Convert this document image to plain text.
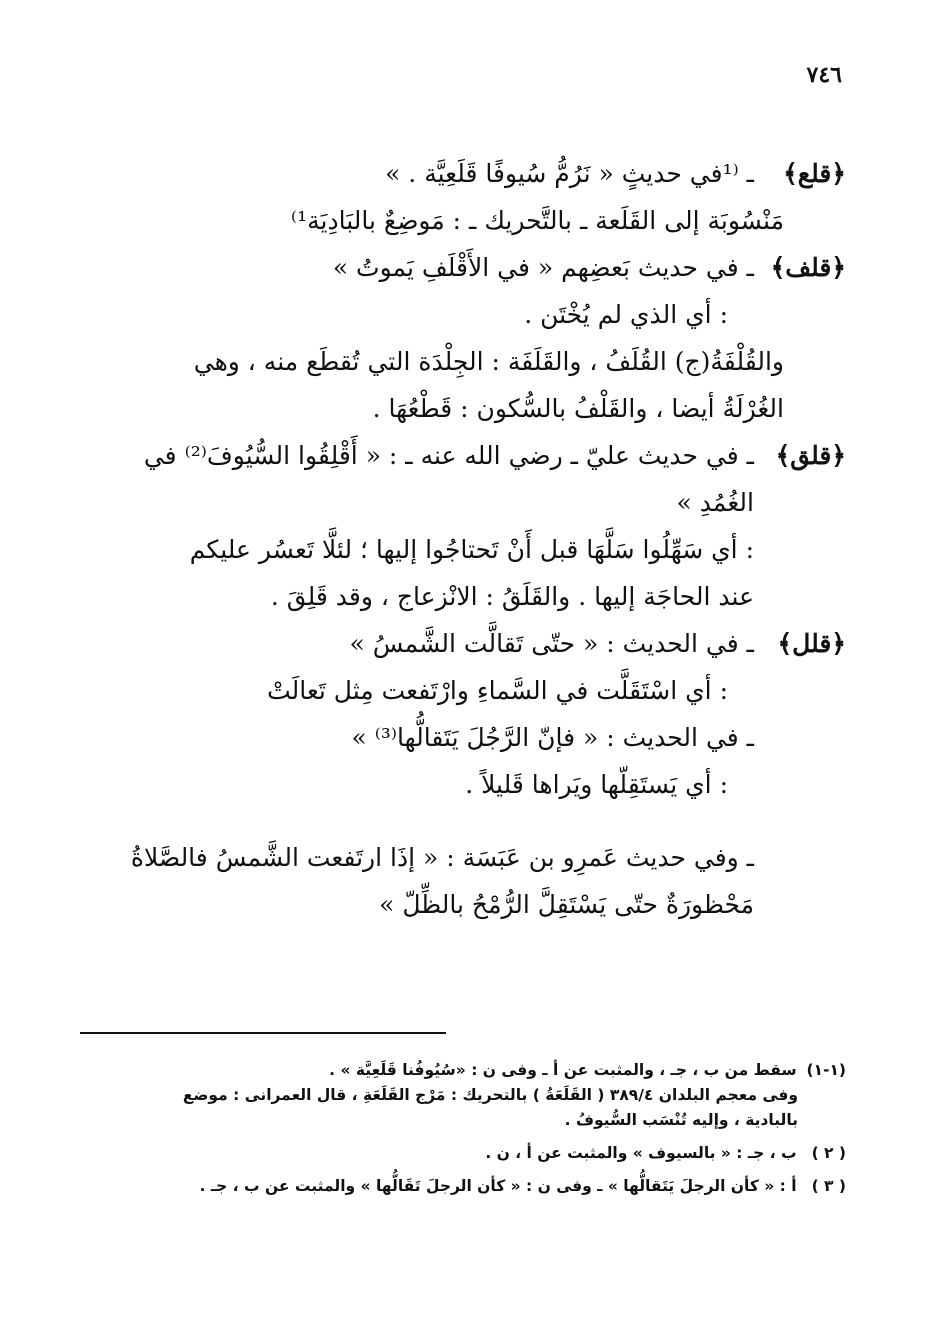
٧٤٦
﴿قلع﴾
ـ ⁽¹في حديثٍ « نَرُمُّ سُيوفًا قَلَعِيَّة . »
مَنْسُوبَة إلى القَلَعة ـ بالتَّحريك ـ : مَوضِعٌ بالبَادِيَة¹⁾
﴿قلف﴾
ـ في حديث بَعضِهم « في الأَقْلَفِ يَموتُ »
: أي الذي لم يُخْتَن .
والقُلْفَةُ(ج) القُلَفُ ، والقَلَفَة : الجِلْدَة التي تُقطَع منه ، وهي
الغُرْلَةُ أيضا ، والقَلْفُ بالسُّكون : قَطْعُهَا .
﴿قلق﴾
ـ في حديث عليّ ـ رضي الله عنه ـ : « أَقْلِقُوا السُّيُوفَ⁽²⁾ في
الغُمُدِ »
: أي سَهِّلُوا سَلَّهَا قبل أَنْ تَحتاجُوا إليها ؛ لئلَّا تَعسُر عليكم
عند الحاجَة إليها . والقَلَقُ : الانْزعاج ، وقد قَلِقَ .
﴿قلل﴾
ـ في الحديث : « حتّى تَقالَّت الشَّمسُ »
: أي اسْتَقَلَّت في السَّماءِ وارْتَفعت مِثل تَعالَتْ
ـ في الحديث : « فإنّ الرَّجُلَ يَتَقالُّها⁽³⁾ »
: أي يَستَقِلّها ويَراها قَليلاً .
ـ وفي حديث عَمرِو بن عَبَسَة : « إذَا ارتَفعت الشَّمسُ فالصَّلاةُ
مَحْظورَةٌ حتّى يَسْتَقِلَّ الرُّمْحُ بالظِّلّ »
(١-١) سقط من ب ، جـ ، والمثبت عن أ ـ وفى ن : «سُيُوفُنا قَلَعِيَّة » .
وفى معجم البلدان ٣٨٩/٤ ( القَلَعَةُ ) بالتحريك : مَرْج القَلَعَةِ ، قال العمرانى : موضع
بالبادية ، وإليه تُنْسَب السُّيوفُ .
( ٢ ) ب ، جـ : « بالسيوف » والمثبت عن أ ، ن .
( ٣ ) أ : « كأن الرجلَ يَتَقالُّها » ـ وفى ن : « كأن الرجلَ تَقَالُّها » والمثبت عن ب ، جـ .
